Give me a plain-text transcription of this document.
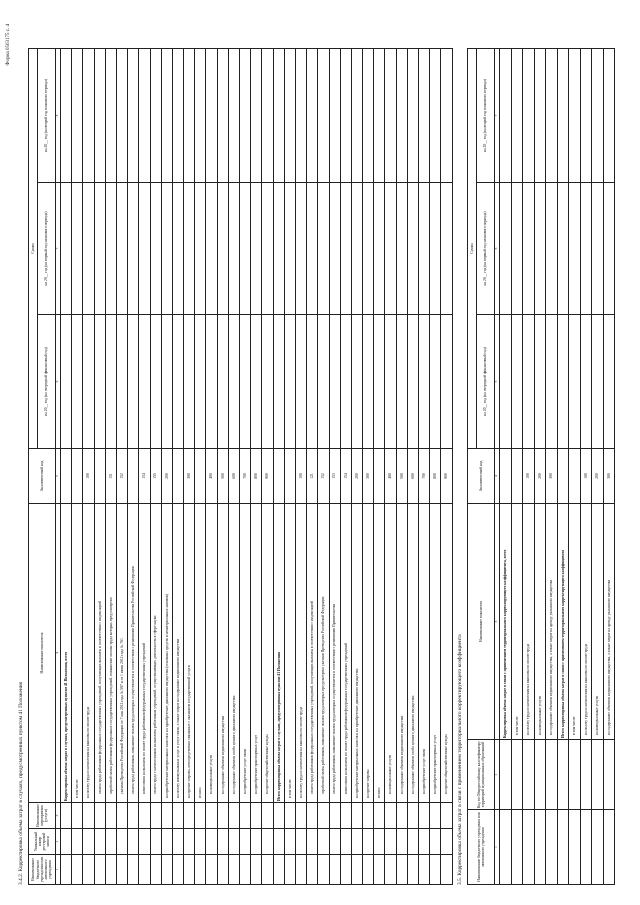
Форма 0503175 с. 4
3.4.2. Корректировка объема затрат в случаях, предусмотренных пунктом 41 Положения Наименование бюджетного учреждения или автономного учреждения	Уникальный номер реестровой записи	Наименование мероприятия (услуги)	Наименование показателя	Аналитический код	Сумма		
					на 20__ год (на очередной финансовый год)	на 20__ год (на первый год планового периода)	на 20__ год (на второй год планового периода)
1	2	3	4	5	6	7	8
			Корректировка объема затрат в случаях, предусмотренных пунктом 41 Положения, всего				
			в том числе:				
			на оплату труда и начисления на выплаты по оплате труда	100			
			оплата труда работников федеральных государственных учреждений, получающих выплаты в соответствии с индексацией				
			заработной платы работников федеральных государственных учреждений, повышение оплаты труда которых предусмотрено	151			
			указами Президента Российской Федерации от 7 мая 2012 года № 597 и от 1 июня 2012 года № 761	152			
			оплата труда работников, повышение оплаты труда которых осуществляется в соответствии с решениями Правительства Российской Федерации				
			начисления на выплаты по оплате труда работников федеральных государственных учреждений	154			
			оплата труда с начислениями на выплаты работникам учреждений, осуществляющих деятельность в сфере науки	155			
			на приобретение материальных запасов и на приобретение движимого имущества (основных средств и нематериальных активов)	200			
			на оплату коммунальных услуг и услуг связи, а также затрат на содержание недвижимого имущества				
			на прочие затраты, непосредственно связанные с оказанием государственной услуги	300			
			из них:				
			на коммунальные услуги	400			
			на содержание объектов недвижимого имущества	500			
			на содержание объектов особо ценного движимого имущества	600			
			на приобретение услуг связи	700			
			на приобретение транспортных услуг	800			
			на прочие общехозяйственные нужды	900			
			Итого корректировка объема затрат в случаях, предусмотренных пунктом 41 Положения				
			в том числе:				
			на оплату труда и начисления на выплаты по оплате труда	100			
			оплата труда работников федеральных государственных учреждений, получающих выплаты в соответствии с индексацией	121			
			заработной платы работников, повышение оплаты труда которых предусмотрено указами Президента Российской Федерации	152			
			оплата труда работников, повышение оплаты труда которых осуществляется в соответствии с решениями Правительства	153			
			начисления на выплаты по оплате труда работников федеральных государственных учреждений	154			
			на приобретение материальных запасов и на приобретение движимого имущества	200			
			на прочие затраты	300			
			из них:				
			на коммунальные услуги	400			
			на содержание объектов недвижимого имущества	500			
			на содержание объектов особо ценного движимого имущества	600			
			на приобретение услуг связи	700			
			на приобретение транспортных услуг	800			
			на прочие общехозяйственные нужды	900			
3.5. Корректировка объема затрат в связи с применением территориального корректирующего коэффициента	Наименование бюджетного учреждения или автономного учреждения	Код по Общероссийскому классификатору территорий муниципальных образований	Наименование показателя	Аналитический код	Сумма		
				на 20__ год (на очередной финансовый год)	на 20__ год (на первый год планового периода)	на 20__ год (на второй год планового периода)
1	2	3	4	5	6	7
		Корректировка объема затрат в связи с применением территориального корректирующего коэффициента, всего				
		в том числе:				
		на оплату труда и начисления на выплаты по оплате труда	100			
		на коммунальные услуги	200			
		на содержание объектов недвижимого имущества, а также затрат на аренду указанного имущества	300			
		Итого корректировка объема затрат в связи с применением территориального корректирующего коэффициента				
		в том числе:				
		на оплату труда и начисления на выплаты по оплате труда	100			
		на коммунальные услуги	200			
		на содержание объектов недвижимого имущества, а также затрат на аренду указанного имущества	300			
